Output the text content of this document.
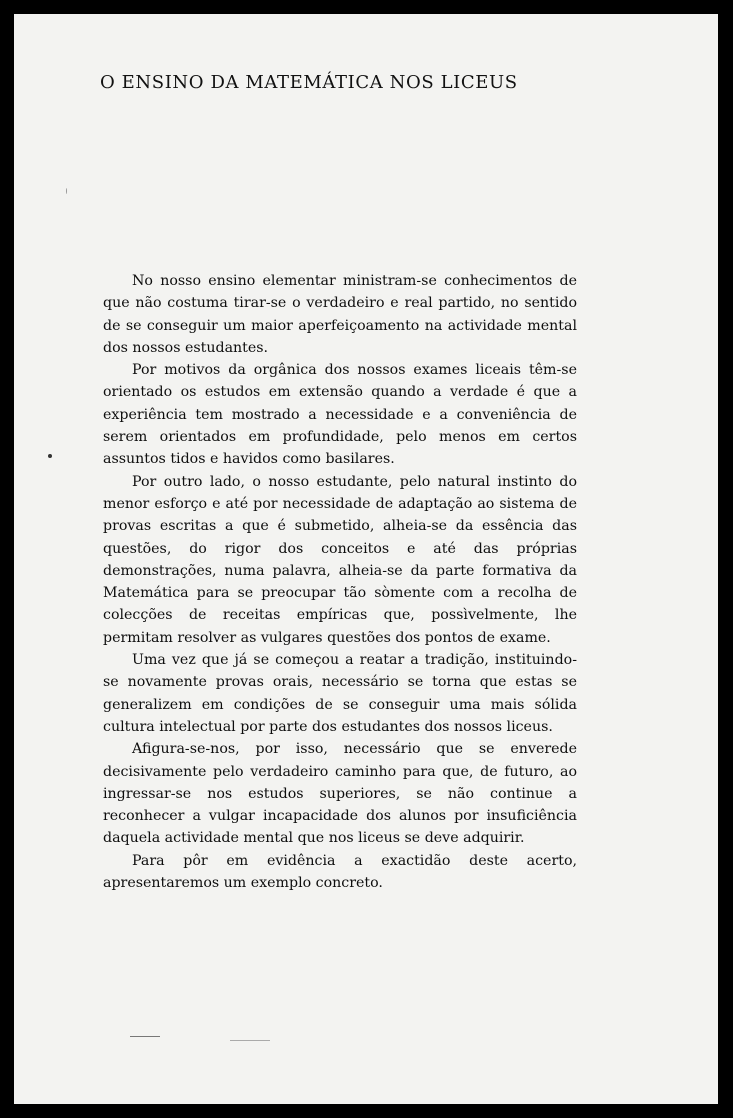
O ENSINO DA MATEMÁTICA NOS LICEUS

No nosso ensino elementar ministram-se conhecimentos de que não costuma tirar-se o verdadeiro e real partido, no sentido de se conseguir um maior aperfeiçoamento na actividade mental dos nossos estudantes.

Por motivos da orgânica dos nossos exames liceais têm-se orientado os estudos em extensão quando a verdade é que a experiência tem mostrado a necessidade e a conveniência de serem orientados em profundidade, pelo menos em certos assuntos tidos e havidos como basilares.

Por outro lado, o nosso estudante, pelo natural instinto do menor esforço e até por necessidade de adaptação ao sistema de provas escritas a que é submetido, alheia-se da essência das questões, do rigor dos conceitos e até das próprias demonstrações, numa palavra, alheia-se da parte formativa da Matemática para se preocupar tão sòmente com a recolha de colecções de receitas empíricas que, possìvelmente, lhe permitam resolver as vulgares questões dos pontos de exame.

Uma vez que já se começou a reatar a tradição, instituindo-se novamente provas orais, necessário se torna que estas se generalizem em condições de se conseguir uma mais sólida cultura intelectual por parte dos estudantes dos nossos liceus.

Afigura-se-nos, por isso, necessário que se enverede decisivamente pelo verdadeiro caminho para que, de futuro, ao ingressar-se nos estudos superiores, se não continue a reconhecer a vulgar incapacidade dos alunos por insuficiência daquela actividade mental que nos liceus se deve adquirir.

Para pôr em evidência a exactidão deste acerto, apresentaremos um exemplo concreto.
